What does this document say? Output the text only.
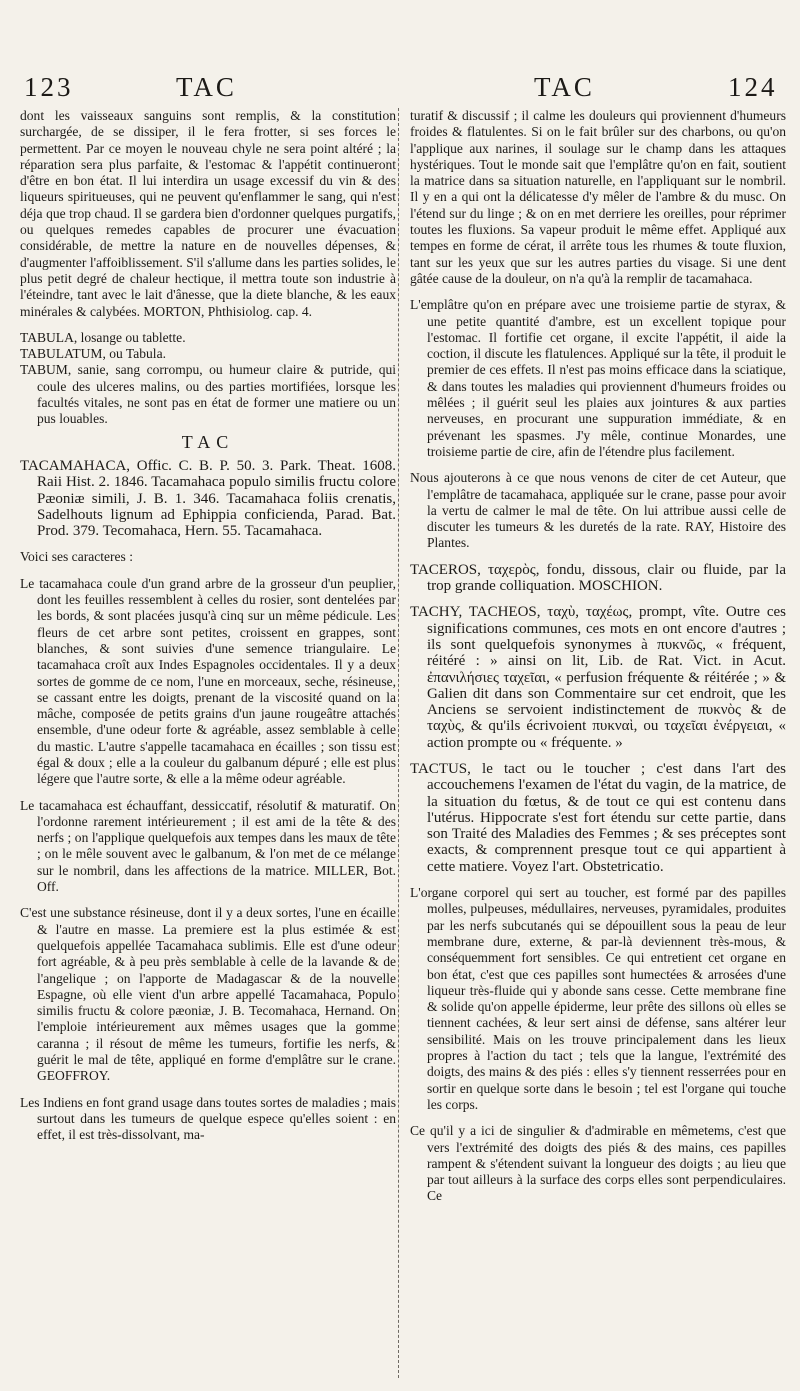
123	TAC	TAC	124

dont les vaisseaux sanguins sont remplis, & la constitution surchargée, de se dissiper, il le fera frotter, si ses forces le permettent. Par ce moyen le nouveau chyle ne sera point altéré ; la réparation sera plus parfaite, & l'estomac & l'appétit continueront d'être en bon état. Il lui interdira un usage excessif du vin & des liqueurs spiritueuses, qui ne peuvent qu'enflammer le sang, qui n'est déja que trop chaud. Il se gardera bien d'ordonner quelques purgatifs, ou quelques remedes capables de procurer une évacuation considérable, de mettre la nature en de nouvelles dépenses, & d'augmenter l'affoiblissement. S'il s'allume dans les parties solides, le plus petit degré de chaleur hectique, il mettra toute son industrie à l'éteindre, tant avec le lait d'ânesse, que la diete blanche, & les eaux minérales & calybées. MORTON, Phthisiolog. cap. 4.

TABULA, losange ou tablette.

TABULATUM, ou Tabula.

TABUM, sanie, sang corrompu, ou humeur claire & putride, qui coule des ulceres malins, ou des parties mortifiées, lorsque les facultés vitales, ne sont pas en état de former une matiere ou un pus louables.

TAC

TACAMAHACA, Offic. C. B. P. 50. 3. Park. Theat. 1608. Raii Hist. 2. 1846. Tacamahaca populo similis fructu colore Pæoniæ simili, J. B. 1. 346. Tacamahaca foliis crenatis, Sadelhouts lignum ad Ephippia conficienda, Parad. Bat. Prod. 379. Tecomahaca, Hern. 55. Tacamahaca.

Voici ses caracteres :

Le tacamahaca coule d'un grand arbre de la grosseur d'un peuplier, dont les feuilles ressemblent à celles du rosier, sont dentelées par les bords, & sont placées jusqu'à cinq sur un même pédicule. Les fleurs de cet arbre sont petites, croissent en grappes, sont blanches, & sont suivies d'une semence triangulaire. Le tacamahaca croît aux Indes Espagnoles occidentales. Il y a deux sortes de gomme de ce nom, l'une en morceaux, seche, résineuse, se cassant entre les doigts, prenant de la viscosité quand on la mâche, composée de petits grains d'un jaune rougeâtre attachés ensemble, d'une odeur forte & agréable, assez semblable à celle du mastic. L'autre s'appelle tacamahaca en écailles ; son tissu est égal & doux ; elle a la couleur du galbanum dépuré ; elle est plus légere que l'autre sorte, & elle a la même odeur agréable.

Le tacamahaca est échauffant, dessiccatif, résolutif & maturatif. On l'ordonne rarement intérieurement ; il est ami de la tête & des nerfs ; on l'applique quelquefois aux tempes dans les maux de tête ; on le mêle souvent avec le galbanum, & l'on met de ce mélange sur le nombril, dans les affections de la matrice. MILLER, Bot. Off.

C'est une substance résineuse, dont il y a deux sortes, l'une en écaille & l'autre en masse. La premiere est la plus estimée & est quelquefois appellée Tacamahaca sublimis. Elle est d'une odeur fort agréable, & à peu près semblable à celle de la lavande & de l'angelique ; on l'apporte de Madagascar & de la nouvelle Espagne, où elle vient d'un arbre appellé Tacamahaca, Populo similis fructu & colore pæoniæ, J. B. Tecomahaca, Hernand. On l'emploie intérieurement aux mêmes usages que la gomme caranna ; il résout de même les tumeurs, fortifie les nerfs, & guérit le mal de tête, appliqué en forme d'emplâtre sur le crane. GEOFFROY.

Les Indiens en font grand usage dans toutes sortes de maladies ; mais surtout dans les tumeurs de quelque espece qu'elles soient : en effet, il est très-dissolvant, ma-

turatif & discussif ; il calme les douleurs qui proviennent d'humeurs froides & flatulentes. Si on le fait brûler sur des charbons, ou qu'on l'applique aux narines, il soulage sur le champ dans les attaques hystériques. Tout le monde sait que l'emplâtre qu'on en fait, soutient la matrice dans sa situation naturelle, en l'appliquant sur le nombril. Il y en a qui ont la délicatesse d'y mêler de l'ambre & du musc. On l'étend sur du linge ; & on en met derriere les oreilles, pour réprimer toutes les fluxions. Sa vapeur produit le même effet. Appliqué aux tempes en forme de cérat, il arrête tous les rhumes & toute fluxion, tant sur les yeux que sur les autres parties du visage. Si une dent gâtée cause de la douleur, on n'a qu'à la remplir de tacamahaca.

L'emplâtre qu'on en prépare avec une troisieme partie de styrax, & une petite quantité d'ambre, est un excellent topique pour l'estomac. Il fortifie cet organe, il excite l'appétit, il aide la coction, il discute les flatulences. Appliqué sur la tête, il produit le premier de ces effets. Il n'est pas moins efficace dans la sciatique, & dans toutes les maladies qui proviennent d'humeurs froides ou mêlées ; il guérit seul les plaies aux jointures & aux parties nerveuses, en procurant une suppuration immédiate, & en prévenant les spasmes. J'y mêle, continue Monardes, une troisieme partie de cire, afin de l'étendre plus facilement.

Nous ajouterons à ce que nous venons de citer de cet Auteur, que l'emplâtre de tacamahaca, appliquée sur le crane, passe pour avoir la vertu de calmer le mal de tête. On lui attribue aussi celle de discuter les tumeurs & les duretés de la rate. RAY, Histoire des Plantes.

TACEROS, ταχερὸς, fondu, dissous, clair ou fluide, par la trop grande colliquation. MOSCHION.

TACHY, TACHEOS, ταχὺ, ταχέως, prompt, vîte. Outre ces significations communes, ces mots en ont encore d'autres ; ils sont quelquefois synonymes à πυκνῶς, « fréquent, réitéré : » ainsi on lit, Lib. de Rat. Vict. in Acut. ἐπανιλήσιες ταχεῖαι, « perfusion fréquente & réitérée ; » & Galien dit dans son Commentaire sur cet endroit, que les Anciens se servoient indistinctement de πυκνὸς & de ταχὺς, & qu'ils écrivoient πυκναὶ, ou ταχεῖαι ἐνέργειαι, « action prompte ou « fréquente. »

TACTUS, le tact ou le toucher ; c'est dans l'art des accouchemens l'examen de l'état du vagin, de la matrice, de la situation du fœtus, & de tout ce qui est contenu dans l'utérus. Hippocrate s'est fort étendu sur cette partie, dans son Traité des Maladies des Femmes ; & ses préceptes sont exacts, & comprennent presque tout ce qui appartient à cette matiere. Voyez l'art. Obstetricatio.

L'organe corporel qui sert au toucher, est formé par des papilles molles, pulpeuses, médullaires, nerveuses, pyramidales, produites par les nerfs subcutanés qui se dépouillent sous la peau de leur membrane dure, externe, & par-là deviennent très-mous, & conséquemment fort sensibles. Ce qui entretient cet organe en bon état, c'est que ces papilles sont humectées & arrosées d'une liqueur très-fluide qui y abonde sans cesse. Cette membrane fine & solide qu'on appelle épiderme, leur prête des sillons où elles se tiennent cachées, & leur sert ainsi de défense, sans altérer leur sensibilité. Mais on les trouve principalement dans les lieux propres à l'action du tact ; tels que la langue, l'extrémité des doigts, des mains & des piés : elles s'y tiennent resserrées pour en sortir en quelque sorte dans le besoin ; tel est l'organe qui touche les corps.

Ce qu'il y a ici de singulier & d'admirable en mêmetems, c'est que vers l'extrémité des doigts des piés & des mains, ces papilles rampent & s'étendent suivant la longueur des doigts ; au lieu que par tout ailleurs à la surface des corps elles sont perpendiculaires. Ce
